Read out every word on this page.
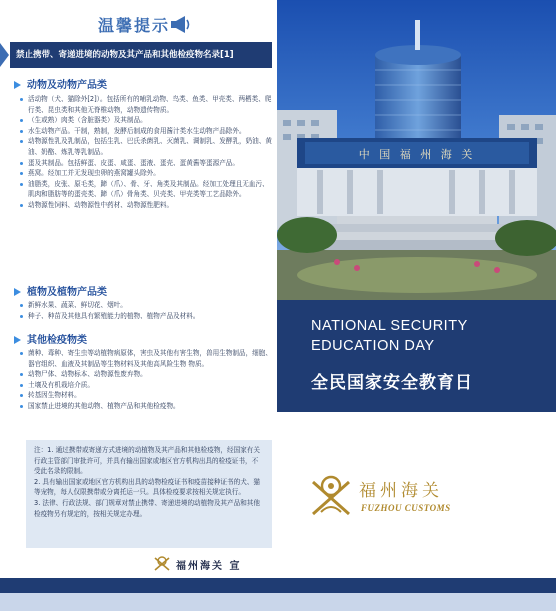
温馨提示
禁止携带、寄递进境的动物及其产品和其他检疫物名录[1]
动物及动物产品类
活动物（犬、猫除外[2]）。包括所有的哺乳动物、鸟类、鱼类、甲壳类、两栖类、爬行类、昆虫类和其他无脊椎动物，动物遗传物质。
（生或熟）肉类（含脏器类）及其制品。
水生动物产品。干制，熟制，发酵后制成的食用酱汁类水生动物产品除外。
动物源性乳及乳制品，包括生乳、巴氏杀菌乳、灭菌乳、调制乳、发酵乳，奶油、黄油、奶酪、炼乳等乳制品。
蛋及其制品。包括鲜蛋、皮蛋、咸蛋、蛋液、蛋壳、蛋黄酱等蛋源产品。
燕窝。经加工并无发现虫卵的燕窝罐头除外。
油脂类，皮张、原毛类，蹄（爪）、骨、牙、角类及其制品。经加工处理且无血污、肌肉和脂肪等的蛋壳类、蹄（爪）骨角类、贝壳类、甲壳类等工艺品除外。
动物源性饲料、动物源性中药材、动物源性肥料。
植物及植物产品类
新鲜水果、蔬菜、鲜切花、烟叶。
种子、种苗及其他具有繁殖能力的植物、植物产品及材料。
其他检疫物类
菌种、毒种、寄生虫等动植物病原体，害虫及其他有害生物，兽用生物制品，细胞、器官组织、血液及其制品等生物材料及其他高风险生物 物质。
动物尸体、动物标本、动物源性废弃物。
土壤及有机栽培介质。
转基因生物材料。
国家禁止进境的其他动物、植物产品和其他检疫物。

注：1. 通过携带或寄递方式进境的动植物及其产品和其他检疫物，经国家有关行政主管部门审批许可，并具有输出国家或地区官方机构出具的检疫证书，不受此名录的限制。

2. 具有输出国家或地区官方机构出具的动物检疫证书和疫苗接种证书的犬、猫等宠物，每人仅限携带或分离托运一只。具体检疫要求按相关规定执行。

3. 法律、行政法规、部门规章对禁止携带、寄递进境的动植物及其产品和其他检疫物另有规定的，按相关规定办理。

福州海关 宣
中 国 福 州 海 关
NATIONAL SECURITY
EDUCATION DAY
全民国家安全教育日
福州海关
FUZHOU CUSTOMS
